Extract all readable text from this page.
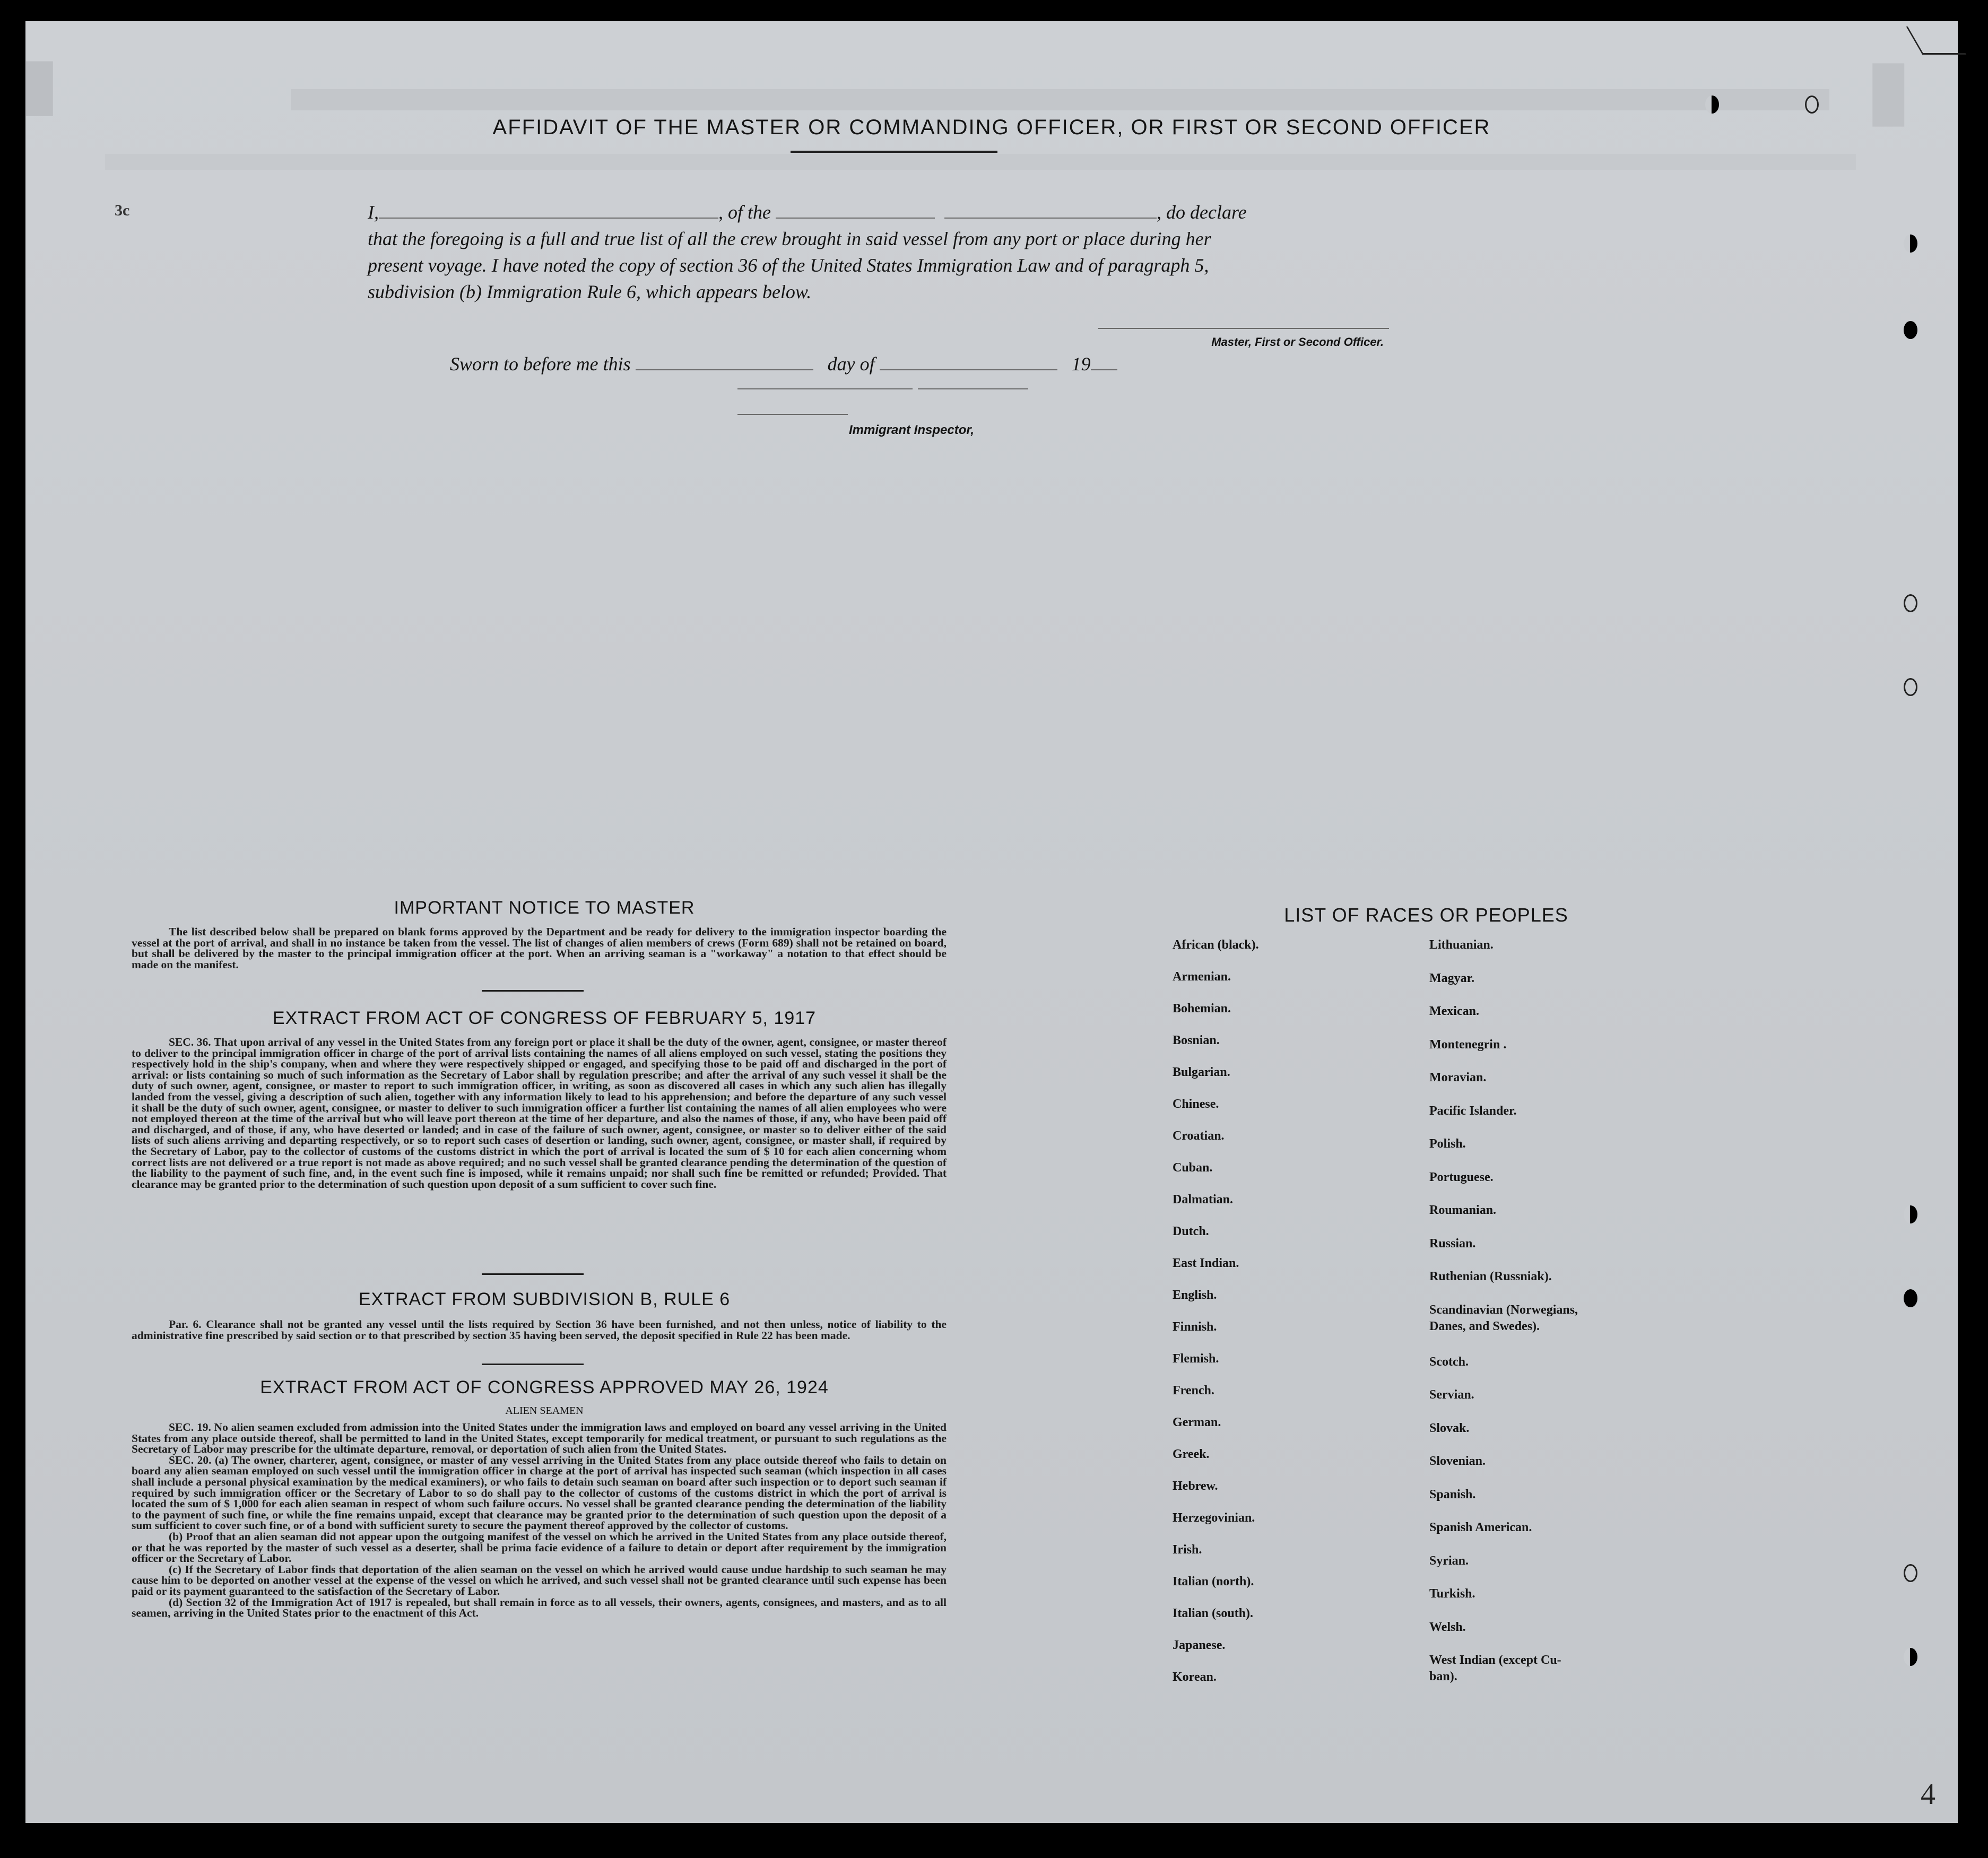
▮	▮
AFFIDAVIT OF THE MASTER OR COMMANDING OFFICER, OR FIRST OR SECOND OFFICER
3c	I,	, of the	, do declare

that the foregoing is a full and true list of all the crew brought in said vessel from any port or place during her

present voyage. I have noted the copy of section 36 of the United States Immigration Law and of paragraph 5,

subdivision (b) Immigration Rule 6, which appears below.

Master, First or Second Officer.
Sworn to before me this	day of	19
Immigrant Inspector,
IMPORTANT NOTICE TO MASTER

The list described below shall be prepared on blank forms approved by the Department and be ready for delivery to the immigration inspector boarding the vessel at the port of arrival, and shall in no instance be taken from the vessel. The list of changes of alien members of crews (Form 689) shall not be retained on board, but shall be delivered by the master to the principal immigration officer at the port. When an arriving seaman is a "workaway" a notation to that effect should be made on the manifest.

EXTRACT FROM ACT OF CONGRESS OF FEBRUARY 5, 1917

SEC. 36. That upon arrival of any vessel in the United States from any foreign port or place it shall be the duty of the owner, agent, consignee, or master thereof to deliver to the principal immigration officer in charge of the port of arrival lists containing the names of all aliens employed on such vessel, stating the positions they respectively hold in the ship's company, when and where they were respectively shipped or engaged, and specifying those to be paid off and discharged in the port of arrival: or lists containing so much of such information as the Secretary of Labor shall by regulation prescribe; and after the arrival of any such vessel it shall be the duty of such owner, agent, consignee, or master to report to such immigration officer, in writing, as soon as discovered all cases in which any such alien has illegally landed from the vessel, giving a description of such alien, together with any information likely to lead to his apprehension; and before the departure of any such vessel it shall be the duty of such owner, agent, consignee, or master to deliver to such immigration officer a further list containing the names of all alien employees who were not employed thereon at the time of the arrival but who will leave port thereon at the time of her departure, and also the names of those, if any, who have been paid off and discharged, and of those, if any, who have deserted or landed; and in case of the failure of such owner, agent, consignee, or master so to deliver either of the said lists of such aliens arriving and departing respectively, or so to report such cases of desertion or landing, such owner, agent, consignee, or master shall, if required by the Secretary of Labor, pay to the collector of customs of the customs district in which the port of arrival is located the sum of $ 10 for each alien concerning whom correct lists are not delivered or a true report is not made as above required; and no such vessel shall be granted clearance pending the determination of the question of the liability to the payment of such fine, and, in the event such fine is imposed, while it remains unpaid; nor shall such fine be remitted or refunded; Provided. That clearance may be granted prior to the determination of such question upon deposit of a sum sufficient to cover such fine.

EXTRACT FROM SUBDIVISION B, RULE 6

Par. 6. Clearance shall not be granted any vessel until the lists required by Section 36 have been furnished, and not then unless, notice of liability to the administrative fine prescribed by said section or to that prescribed by section 35 having been served, the deposit specified in Rule 22 has been made.

EXTRACT FROM ACT OF CONGRESS APPROVED MAY 26, 1924
ALIEN SEAMEN

SEC. 19. No alien seamen excluded from admission into the United States under the immigration laws and employed on board any vessel arriving in the United States from any place outside thereof, shall be permitted to land in the United States, except temporarily for medical treatment, or pursuant to such regulations as the Secretary of Labor may prescribe for the ultimate departure, removal, or deportation of such alien from the United States.

SEC. 20. (a) The owner, charterer, agent, consignee, or master of any vessel arriving in the United States from any place outside thereof who fails to detain on board any alien seaman employed on such vessel until the immigration officer in charge at the port of arrival has inspected such seaman (which inspection in all cases shall include a personal physical examination by the medical examiners), or who fails to detain such seaman on board after such inspection or to deport such seaman if required by such immigration officer or the Secretary of Labor to so do shall pay to the collector of customs of the customs district in which the port of arrival is located the sum of $ 1,000 for each alien seaman in respect of whom such failure occurs. No vessel shall be granted clearance pending the determination of the liability to the payment of such fine, or while the fine remains unpaid, except that clearance may be granted prior to the determination of such question upon the deposit of a sum sufficient to cover such fine, or of a bond with sufficient surety to secure the payment thereof approved by the collector of customs.

(b) Proof that an alien seaman did not appear upon the outgoing manifest of the vessel on which he arrived in the United States from any place outside thereof, or that he was reported by the master of such vessel as a deserter, shall be prima facie evidence of a failure to detain or deport after requirement by the immigration officer or the Secretary of Labor.

(c) If the Secretary of Labor finds that deportation of the alien seaman on the vessel on which he arrived would cause undue hardship to such seaman he may cause him to be deported on another vessel at the expense of the vessel on which he arrived, and such vessel shall not be granted clearance until such expense has been paid or its payment guaranteed to the satisfaction of the Secretary of Labor.

(d) Section 32 of the Immigration Act of 1917 is repealed, but shall remain in force as to all vessels, their owners, agents, consignees, and masters, and as to all seamen, arriving in the United States prior to the enactment of this Act.

LIST OF RACES OR PEOPLES
4
African (black).
Armenian.
Bohemian.
Bosnian.
Bulgarian.
Chinese.
Croatian.
Cuban.
Dalmatian.
Dutch.
East Indian.
English.
Finnish.
Flemish.
French.
German.
Greek.
Hebrew.
Herzegovinian.
Irish.
Italian (north).
Italian (south).
Japanese.
Korean.
Lithuanian.
Magyar.
Mexican.
Montenegrin .
Moravian.
Pacific Islander.
Polish.
Portuguese.
Roumanian.
Russian.
Ruthenian (Russniak).
Scandinavian (Norwegians,
Danes, and Swedes).
Scotch.
Servian.
Slovak.
Slovenian.
Spanish.
Spanish American.
Syrian.
Turkish.
Welsh.
West Indian (except Cu-
ban).
